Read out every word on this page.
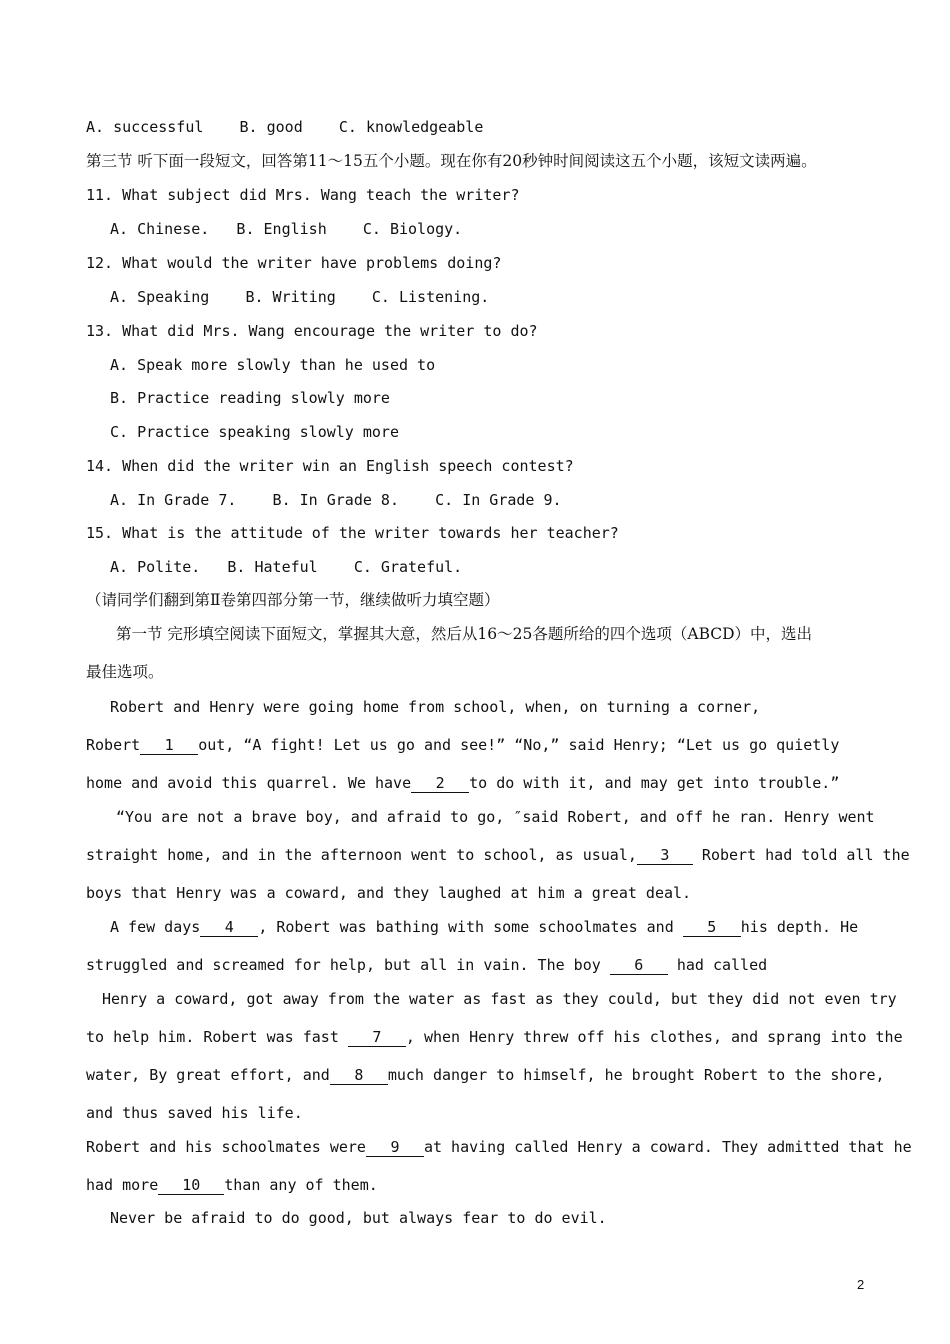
A. successful    B. good    C. knowledgeable
第三节 听下面一段短文，回答第11～15五个小题。现在你有20秒钟时间阅读这五个小题，该短文读两遍。
11. What subject did Mrs. Wang teach the writer?
A. Chinese.   B. English    C. Biology.
12. What would the writer have problems doing?
A. Speaking    B. Writing    C. Listening.
13. What did Mrs. Wang encourage the writer to do?
A. Speak more slowly than he used to
B. Practice reading slowly more
C. Practice speaking slowly more
14. When did the writer win an English speech contest?
A. In Grade 7.    B. In Grade 8.    C. In Grade 9.
15. What is the attitude of the writer towards her teacher?
A. Polite.   B. Hateful    C. Grateful.
（请同学们翻到第Ⅱ卷第四部分第一节，继续做听力填空题）
第一节 完形填空阅读下面短文，掌握其大意，然后从16～25各题所给的四个选项（ABCD）中，选出
最佳选项。
Robert and Henry were going home from school, when, on turning a corner,
Robert 1 out, “A fight! Let us go and see!” “No,” said Henry; “Let us go quietly
home and avoid this quarrel. We have 2 to do with it, and may get into trouble.”
“You are not a brave boy, and afraid to go, ″said Robert, and off he ran. Henry went
straight home, and in the afternoon went to school, as usual, 3 Robert had told all the
boys that Henry was a coward, and they laughed at him a great deal.
A few days 4 , Robert was bathing with some schoolmates and 5 his depth. He
struggled and screamed for help, but all in vain. The boy 6 had called
Henry a coward, got away from the water as fast as they could, but they did not even try
to help him. Robert was fast 7 , when Henry threw off his clothes, and sprang into the
water, By great effort, and 8 much danger to himself, he brought Robert to the shore,
and thus saved his life.
Robert and his schoolmates were 9 at having called Henry a coward. They admitted that he
had more 10 than any of them.
Never be afraid to do good, but always fear to do evil.
2
